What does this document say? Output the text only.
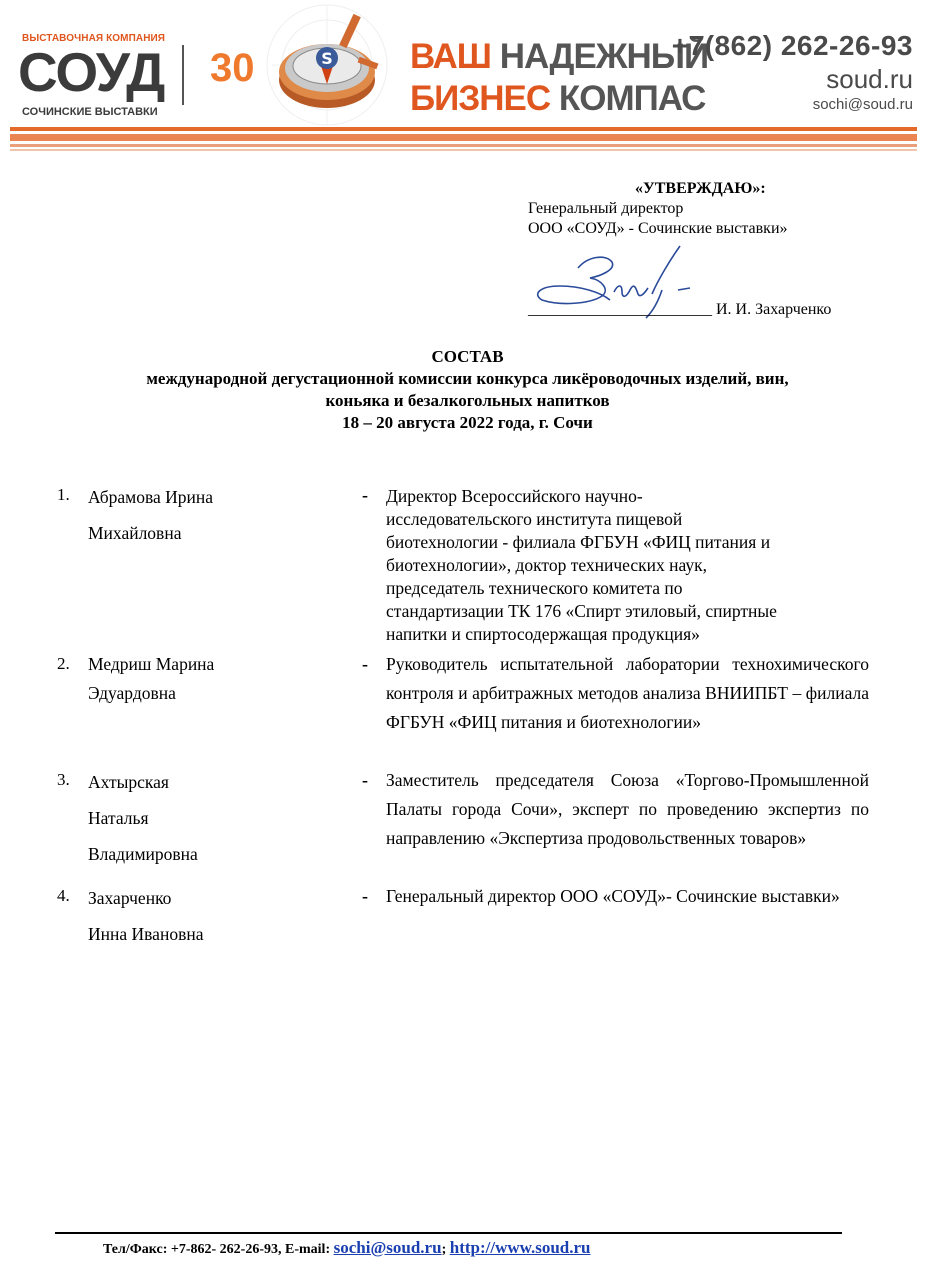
ВЫСТАВОЧНАЯ КОМПАНИЯ
СОУД
СОЧИНСКИЕ ВЫСТАВКИ
30	S ВАШ НАДЕЖНЫЙ
БИЗНЕС КОМПАС
+7(862) 262-26-93
soud.ru
sochi@soud.ru
«УТВЕРЖДАЮ»:
Генеральный директор
ООО «СОУД» - Сочинские выставки»
_______________________ И. И. Захарченко
СОСТАВ
международной дегустационной комиссии конкурса ликёроводочных изделий, вин,
коньяка и безалкогольных напитков
18 – 20 августа 2022 года, г. Сочи
1. Абрамова Ирина
Михайловна
- Директор Всероссийского научно-
исследовательского института пищевой
биотехнологии - филиала ФГБУН «ФИЦ питания и
биотехнологии», доктор технических наук,
председатель технического комитета по
стандартизации ТК 176 «Спирт этиловый, спиртные
напитки и спиртосодержащая продукция»
2. Медриш Марина
Эдуардовна
- Руководитель испытательной лаборатории технохимического контроля и арбитражных методов анализа ВНИИПБТ – филиала ФГБУН «ФИЦ питания и биотехнологии»
3. Ахтырская
Наталья
Владимировна
- Заместитель председателя Союза «Торгово-Промышленной Палаты города Сочи», эксперт по проведению экспертиз по направлению «Экспертиза продовольственных товаров»
4. Захарченко
Инна Ивановна
- Генеральный директор ООО «СОУД»- Сочинские выставки»
Тел/Факс: +7-862- 262-26-93, E-mail: sochi@soud.ru; http://www.soud.ru
